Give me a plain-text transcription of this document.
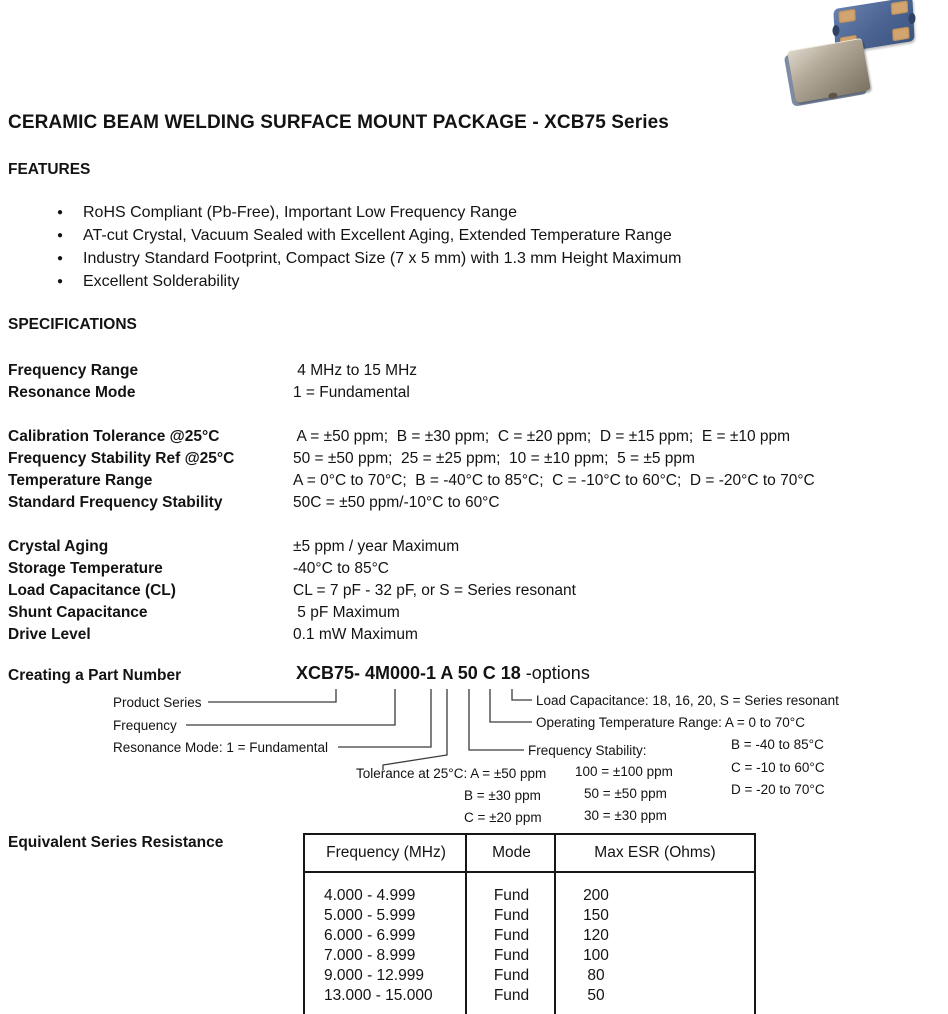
CERAMIC BEAM WELDING SURFACE MOUNT PACKAGE - XCB75 Series
FEATURES
●	RoHS Compliant (Pb-Free), Important Low Frequency Range
●	AT-cut Crystal, Vacuum Sealed with Excellent Aging, Extended Temperature Range
●	Industry Standard Footprint, Compact Size (7 x 5 mm) with 1.3 mm Height Maximum
●	Excellent Solderability
SPECIFICATIONS
Frequency Range	4 MHz to 15 MHz
Resonance Mode	1 = Fundamental
Calibration Tolerance @25°C	A = ±50 ppm;  B = ±30 ppm;  C = ±20 ppm;  D = ±15 ppm;  E = ±10 ppm
Frequency Stability Ref @25°C	50 = ±50 ppm;  25 = ±25 ppm;  10 = ±10 ppm;  5 = ±5 ppm
Temperature Range	A = 0°C to 70°C;  B = -40°C to 85°C;  C = -10°C to 60°C;  D = -20°C to 70°C
Standard Frequency Stability	50C = ±50 ppm/-10°C to 60°C
Crystal Aging	±5 ppm / year Maximum
Storage Temperature	-40°C to 85°C
Load Capacitance (CL)	CL = 7 pF - 32 pF, or S = Series resonant
Shunt Capacitance	5 pF Maximum
Drive Level	0.1 mW Maximum
Creating a Part Number	XCB75- 4M000-1 A 50 C 18 -options
Product Series
Frequency
Resonance Mode: 1 = Fundamental
Tolerance at 25°C: A = ±50 ppm
B = ±30 ppm
C = ±20 ppm
Frequency Stability:
100 = ±100 ppm
50 = ±50 ppm
30 = ±30 ppm
Load Capacitance: 18, 16, 20, S = Series resonant
Operating Temperature Range: A = 0 to 70°C
B = -40 to 85°C
C = -10 to 60°C
D = -20 to 70°C
Equivalent Series Resistance
Frequency (MHz)	Mode	Max ESR (Ohms)
4.000 - 4.999	Fund	200
5.000 - 5.999	Fund	150
6.000 - 6.999	Fund	120
7.000 - 8.999	Fund	100
9.000 - 12.999	Fund	80
13.000 - 15.000	Fund	50
